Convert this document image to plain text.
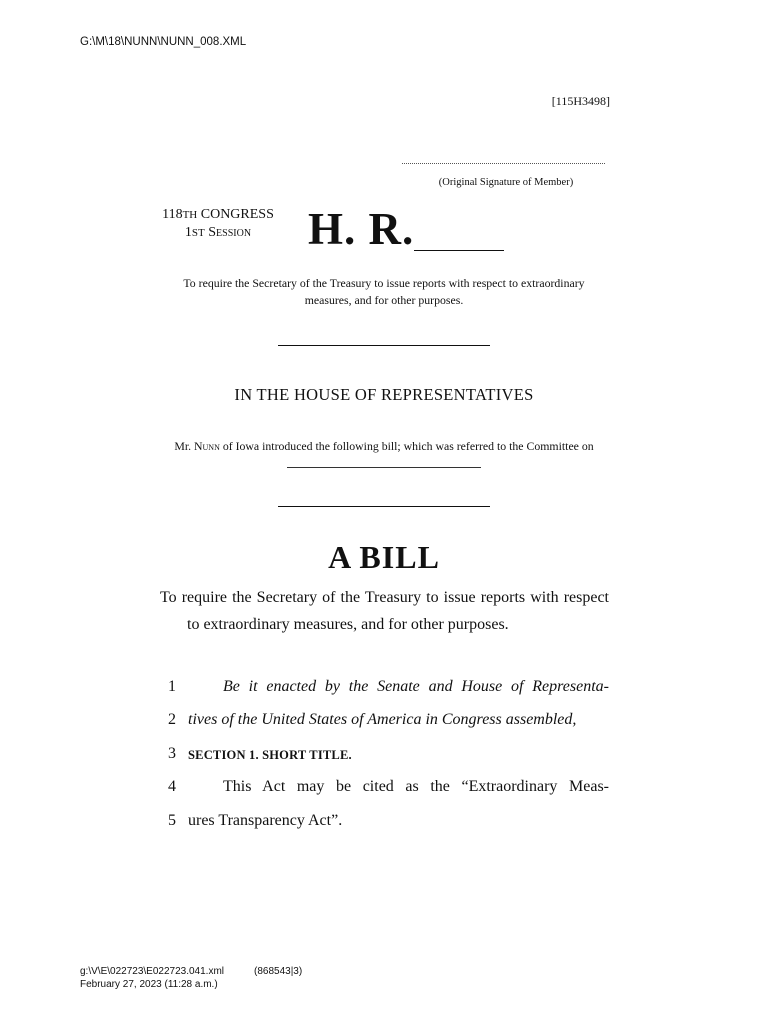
G:\M\18\NUNN\NUNN_008.XML
[115H3498]
(Original Signature of Member)
118TH CONGRESS
1ST Session	H. R.
To require the Secretary of the Treasury to issue reports with respect to extraordinary measures, and for other purposes.
IN THE HOUSE OF REPRESENTATIVES
Mr. Nunn of Iowa introduced the following bill; which was referred to the Committee on
A BILL
To require the Secretary of the Treasury to issue reports with respect to extraordinary measures, and for other purposes.
1	Be it enacted by the Senate and House of Representa-
2 tives of the United States of America in Congress assembled,
3 SECTION 1. SHORT TITLE.
4	This Act may be cited as the “Extraordinary Meas-
5 ures Transparency Act”.
g:\V\E\022723\E022723.041.xml	(868543|3)
February 27, 2023 (11:28 a.m.)
